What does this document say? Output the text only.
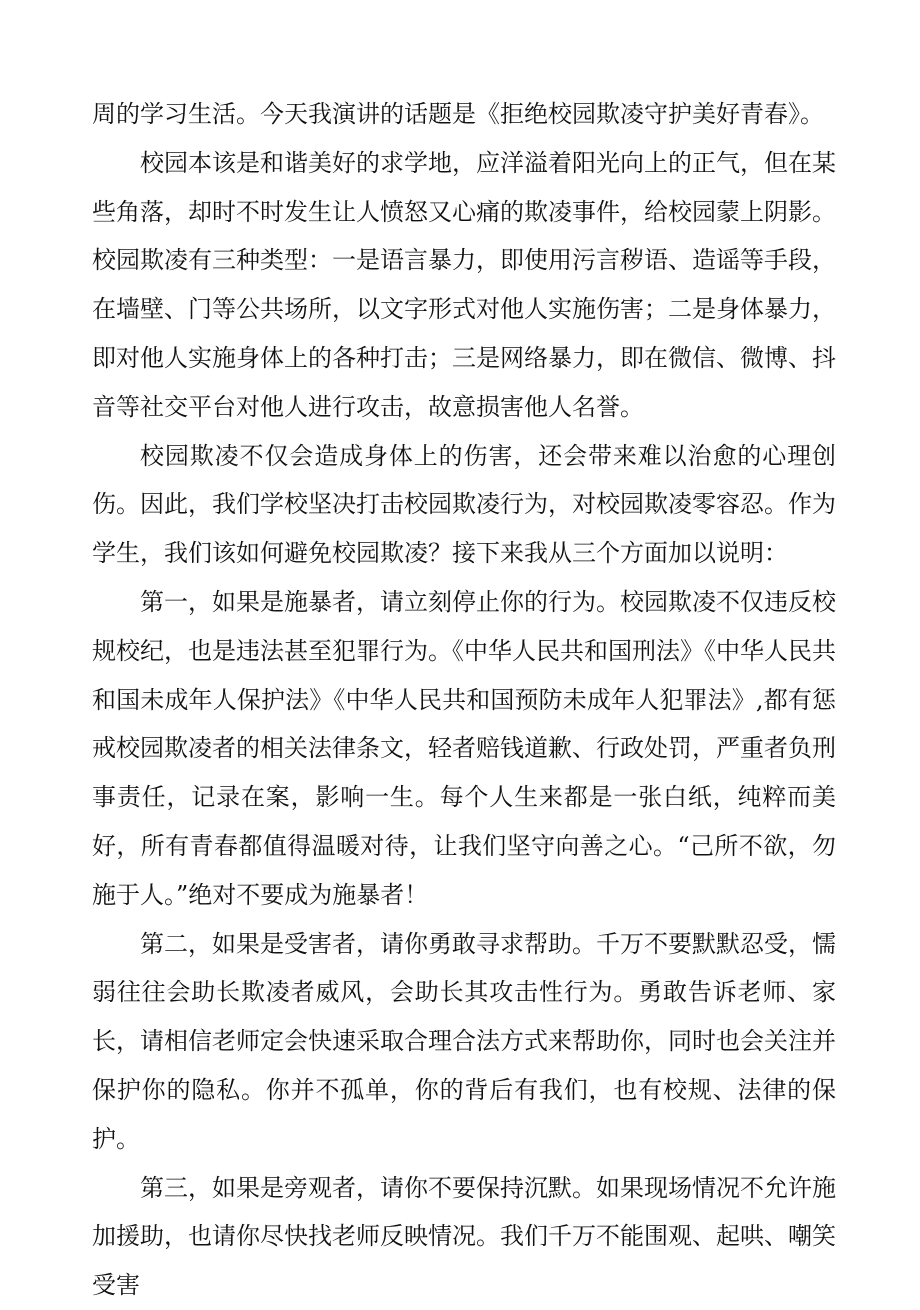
周的学习生活。今天我演讲的话题是《拒绝校园欺凌守护美好青春》。

校园本该是和谐美好的求学地，应洋溢着阳光向上的正气，但在某些角落，却时不时发生让人愤怒又心痛的欺凌事件，给校园蒙上阴影。校园欺凌有三种类型：一是语言暴力，即使用污言秽语、造谣等手段，在墙壁、门等公共场所，以文字形式对他人实施伤害；二是身体暴力，即对他人实施身体上的各种打击；三是网络暴力，即在微信、微博、抖音等社交平台对他人进行攻击，故意损害他人名誉。

校园欺凌不仅会造成身体上的伤害，还会带来难以治愈的心理创伤。因此，我们学校坚决打击校园欺凌行为，对校园欺凌零容忍。作为学生，我们该如何避免校园欺凌？接下来我从三个方面加以说明：

第一，如果是施暴者，请立刻停止你的行为。校园欺凌不仅违反校规校纪，也是违法甚至犯罪行为。《中华人民共和国刑法》《中华人民共和国未成年人保护法》《中华人民共和国预防未成年人犯罪法》,都有惩戒校园欺凌者的相关法律条文，轻者赔钱道歉、行政处罚，严重者负刑事责任，记录在案，影响一生。每个人生来都是一张白纸，纯粹而美好，所有青春都值得温暖对待，让我们坚守向善之心。“己所不欲，勿施于人。”绝对不要成为施暴者！

第二，如果是受害者，请你勇敢寻求帮助。千万不要默默忍受，懦弱往往会助长欺凌者威风，会助长其攻击性行为。勇敢告诉老师、家长，请相信老师定会快速采取合理合法方式来帮助你，同时也会关注并保护你的隐私。你并不孤单，你的背后有我们，也有校规、法律的保护。

第三，如果是旁观者，请你不要保持沉默。如果现场情况不允许施加援助，也请你尽快找老师反映情况。我们千万不能围观、起哄、嘲笑受害
